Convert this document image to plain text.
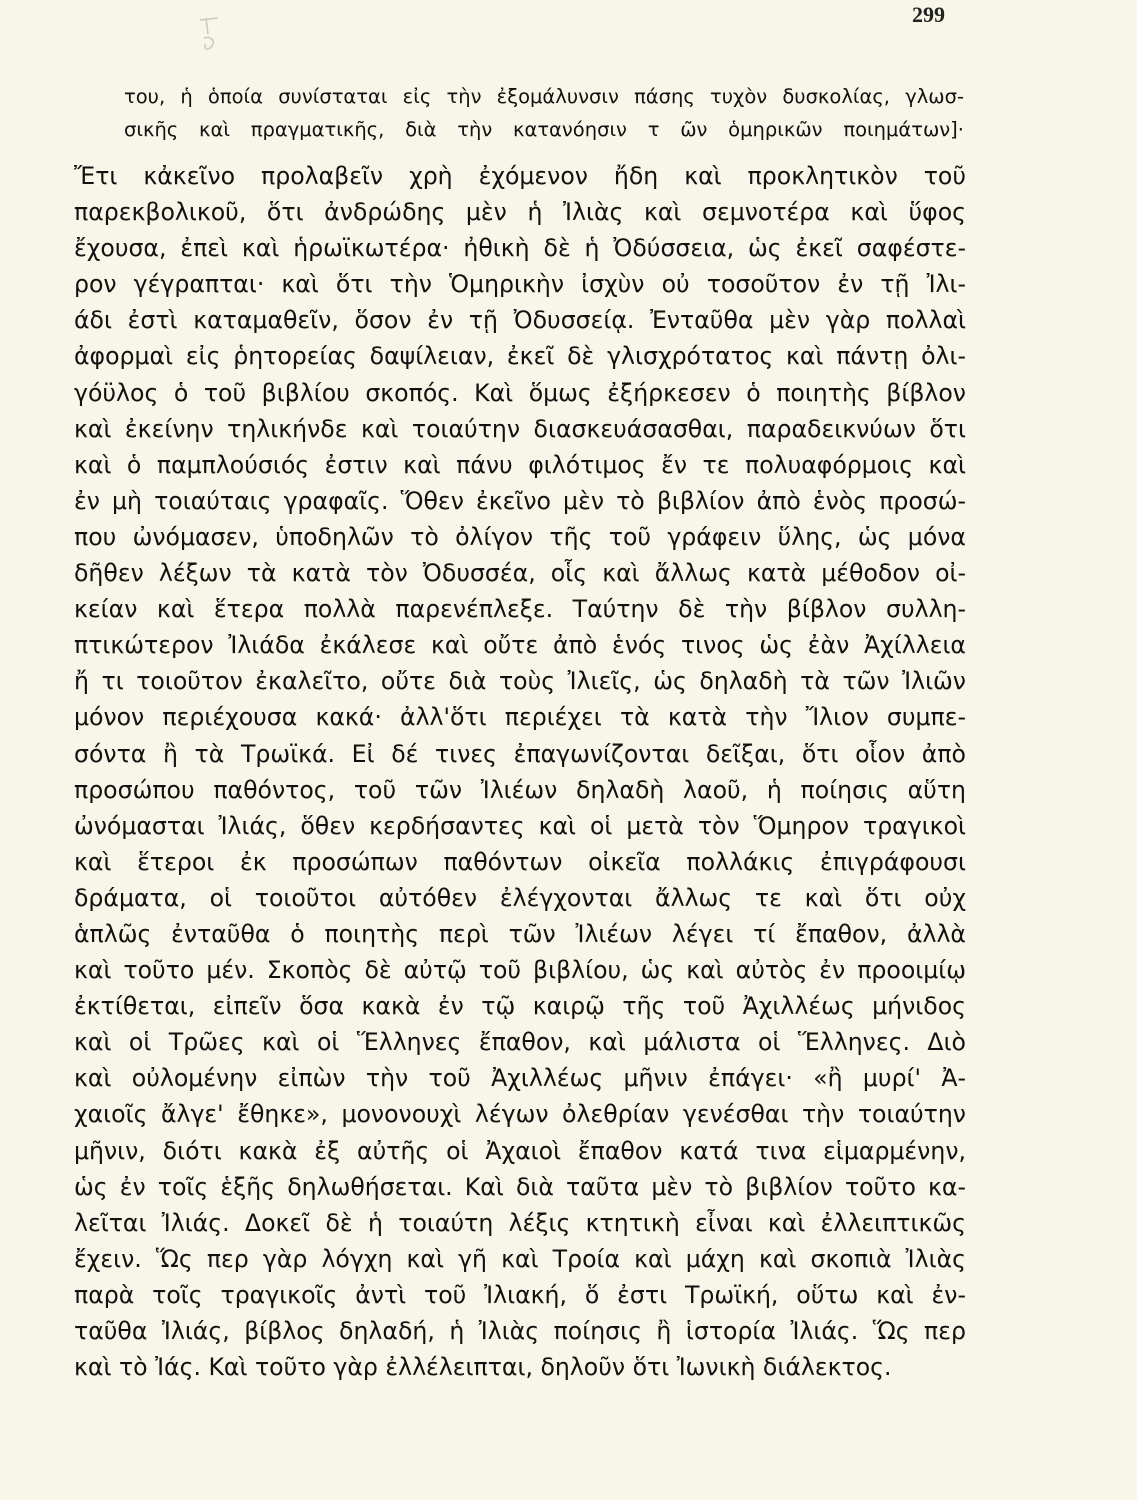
299
του, ἡ ὁποία συνίσταται εἰς τὴν ἐξομάλυνσιν πάσης τυχὸν δυσκολίας, γλωσ-
σικῆς καὶ πραγματικῆς, διὰ τὴν κατανόησιν τ ῶν ὁμηρικῶν ποιημάτων]·
Ἔτι κἀκεῖνο προλαβεῖν χρὴ ἐχόμενον ἤδη καὶ προκλητικὸν τοῦ
παρεκβολικοῦ, ὅτι ἀνδρώδης μὲν ἡ Ἰλιὰς καὶ σεμνοτέρα καὶ ὕφος
ἔχουσα, ἐπεὶ καὶ ἡρωϊκωτέρα· ἠθικὴ δὲ ἡ Ὀδύσσεια, ὡς ἐκεῖ σαφέστε-
ρον γέγραπται· καὶ ὅτι τὴν Ὁμηρικὴν ἰσχὺν οὐ τοσοῦτον ἐν τῇ Ἰλι-
άδι ἐστὶ καταμαθεῖν, ὅσον ἐν τῇ Ὀδυσσείᾳ. Ἐνταῦθα μὲν γὰρ πολλαὶ
ἀφορμαὶ εἰς ῥητορείας δαψίλειαν, ἐκεῖ δὲ γλισχρότατος καὶ πάντῃ ὀλι-
γόϋλος ὁ τοῦ βιβλίου σκοπός. Καὶ ὅμως ἐξήρκεσεν ὁ ποιητὴς βίβλον
καὶ ἐκείνην τηλικήνδε καὶ τοιαύτην διασκευάσασθαι, παραδεικνύων ὅτι
καὶ ὁ παμπλούσιός ἐστιν καὶ πάνυ φιλότιμος ἔν τε πολυαφόρμοις καὶ
ἐν μὴ τοιαύταις γραφαῖς. Ὅθεν ἐκεῖνο μὲν τὸ βιβλίον ἀπὸ ἑνὸς προσώ-
που ὠνόμασεν, ὑποδηλῶν τὸ ὀλίγον τῆς τοῦ γράφειν ὕλης, ὡς μόνα
δῆθεν λέξων τὰ κατὰ τὸν Ὀδυσσέα, οἷς καὶ ἄλλως κατὰ μέθοδον οἰ-
κείαν καὶ ἕτερα πολλὰ παρενέπλεξε. Ταύτην δὲ τὴν βίβλον συλλη-
πτικώτερον Ἰλιάδα ἐκάλεσε καὶ οὔτε ἀπὸ ἑνός τινος ὡς ἐὰν Ἀχίλλεια
ἤ τι τοιοῦτον ἐκαλεῖτο, οὔτε διὰ τοὺς Ἰλιεῖς, ὡς δηλαδὴ τὰ τῶν Ἰλιῶν
μόνον περιέχουσα κακά· ἀλλ'ὅτι περιέχει τὰ κατὰ τὴν Ἴλιον συμπε-
σόντα ἢ τὰ Τρωϊκά. Εἰ δέ τινες ἐπαγωνίζονται δεῖξαι, ὅτι οἷον ἀπὸ
προσώπου παθόντος, τοῦ τῶν Ἰλιέων δηλαδὴ λαοῦ, ἡ ποίησις αὕτη
ὠνόμασται Ἰλιάς, ὅθεν κερδήσαντες καὶ οἱ μετὰ τὸν Ὅμηρον τραγικοὶ
καὶ ἕτεροι ἐκ προσώπων παθόντων οἰκεῖα πολλάκις ἐπιγράφουσι
δράματα, οἱ τοιοῦτοι αὐτόθεν ἐλέγχονται ἄλλως τε καὶ ὅτι οὐχ
ἁπλῶς ἐνταῦθα ὁ ποιητὴς περὶ τῶν Ἰλιέων λέγει τί ἔπαθον, ἀλλὰ
καὶ τοῦτο μέν. Σκοπὸς δὲ αὐτῷ τοῦ βιβλίου, ὡς καὶ αὐτὸς ἐν προοιμίῳ
ἐκτίθεται, εἰπεῖν ὅσα κακὰ ἐν τῷ καιρῷ τῆς τοῦ Ἀχιλλέως μήνιδος
καὶ οἱ Τρῶες καὶ οἱ Ἕλληνες ἔπαθον, καὶ μάλιστα οἱ Ἕλληνες. Διὸ
καὶ οὐλομένην εἰπὼν τὴν τοῦ Ἀχιλλέως μῆνιν ἐπάγει· «ἢ μυρί' Ἀ-
χαιοῖς ἄλγε' ἔθηκε», μονονουχὶ λέγων ὀλεθρίαν γενέσθαι τὴν τοιαύτην
μῆνιν, διότι κακὰ ἐξ αὐτῆς οἱ Ἀχαιοὶ ἔπαθον κατά τινα εἱμαρμένην,
ὡς ἐν τοῖς ἑξῆς δηλωθήσεται. Καὶ διὰ ταῦτα μὲν τὸ βιβλίον τοῦτο κα-
λεῖται Ἰλιάς. Δοκεῖ δὲ ἡ τοιαύτη λέξις κτητικὴ εἶναι καὶ ἐλλειπτικῶς
ἔχειν. Ὥς περ γὰρ λόγχη καὶ γῆ καὶ Τροία καὶ μάχη καὶ σκοπιὰ Ἰλιὰς
παρὰ τοῖς τραγικοῖς ἀντὶ τοῦ Ἰλιακή, ὅ ἐστι Τρωϊκή, οὕτω καὶ ἐν-
ταῦθα Ἰλιάς, βίβλος δηλαδή, ἡ Ἰλιὰς ποίησις ἢ ἱστορία Ἰλιάς. Ὥς περ
καὶ τὸ Ἰάς. Καὶ τοῦτο γὰρ ἐλλέλειπται, δηλοῦν ὅτι Ἰωνικὴ διάλεκτος.
